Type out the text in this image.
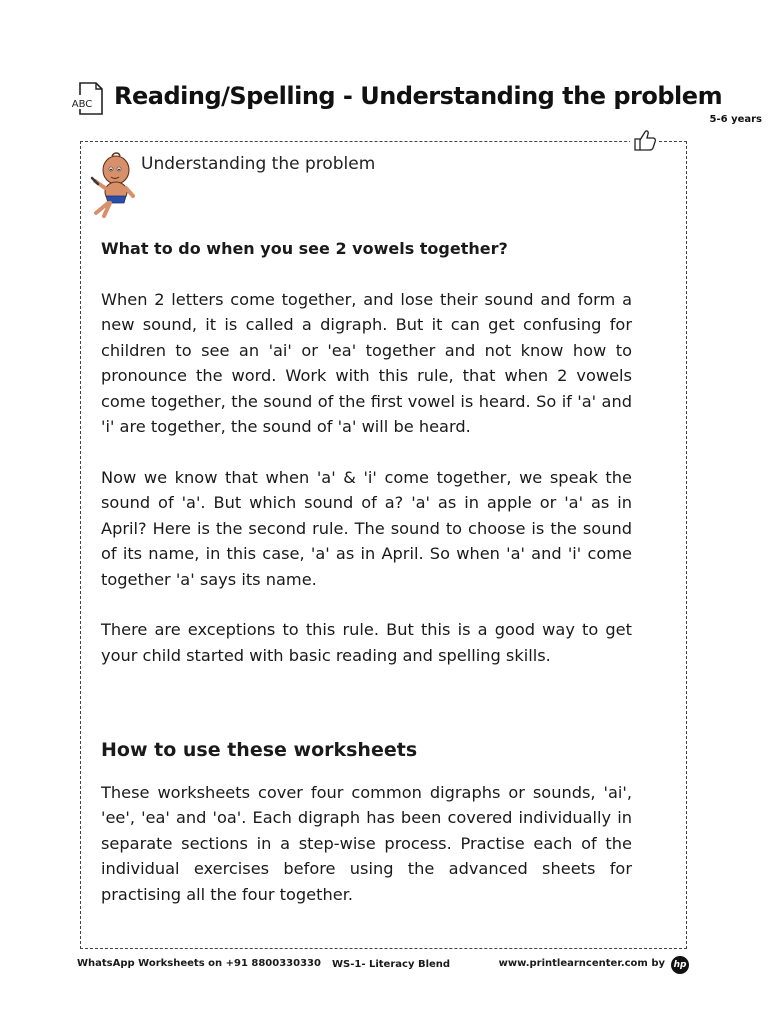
ABC Reading/Spelling - Understanding the problem
5-6 years
Understanding the problem
What to do when you see 2 vowels together?
When 2 letters come together, and lose their sound and form a new sound, it is called a digraph. But it can get confusing for children to see an 'ai' or 'ea' together and not know how to pronounce the word. Work with this rule, that when 2 vowels come together, the sound of the first vowel is heard. So if 'a' and 'i' are together, the sound of 'a' will be heard.
Now we know that when 'a' & 'i' come together, we speak the sound of 'a'. But which sound of a? 'a' as in apple or 'a' as in April? Here is the second rule. The sound to choose is the sound of its name, in this case, 'a' as in April. So when 'a' and 'i' come together 'a' says its name.
There are exceptions to this rule. But this is a good way to get your child started with basic reading and spelling skills.
How to use these worksheets
These worksheets cover four common digraphs or sounds, 'ai', 'ee', 'ea' and 'oa'. Each digraph has been covered individually in separate sections in a step-wise process. Practise each of the individual exercises before using the advanced sheets for practising all the four together.
WhatsApp Worksheets on +91 8800330330 WS-1- Literacy Blend	www.printlearncenter.com by hp
